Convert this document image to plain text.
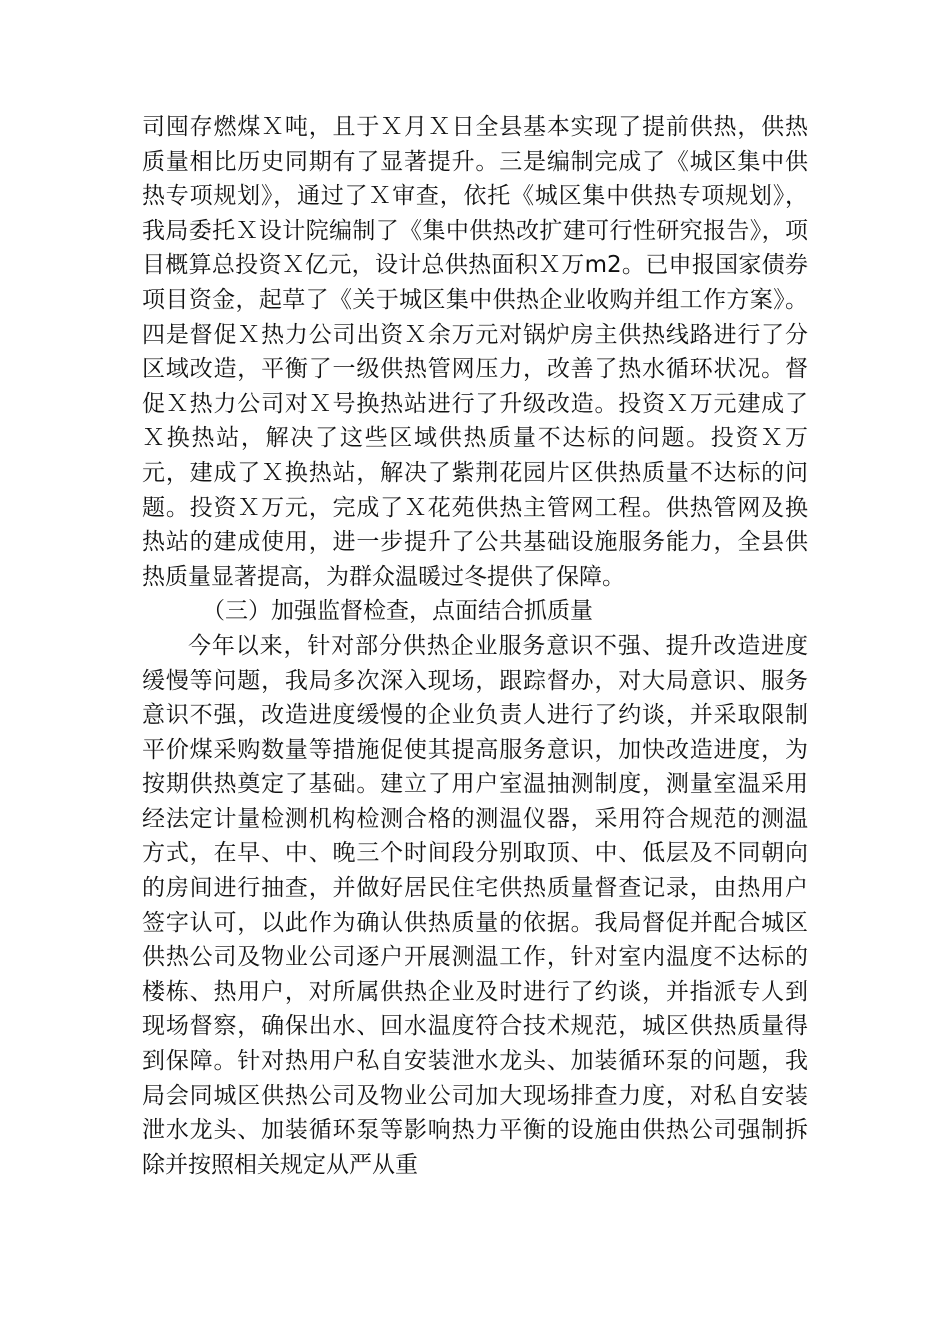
司囤存燃煤Ｘ吨，且于Ｘ月Ｘ日全县基本实现了提前供热，供热质量相比历史同期有了显著提升。三是编制完成了《城区集中供热专项规划》，通过了Ｘ审查，依托《城区集中供热专项规划》，我局委托Ｘ设计院编制了《集中供热改扩建可行性研究报告》，项目概算总投资Ｘ亿元，设计总供热面积Ｘ万m2。已申报国家债券项目资金，起草了《关于城区集中供热企业收购并组工作方案》。四是督促Ｘ热力公司出资Ｘ余万元对锅炉房主供热线路进行了分区域改造，平衡了一级供热管网压力，改善了热水循环状况。督促Ｘ热力公司对Ｘ号换热站进行了升级改造。投资Ｘ万元建成了Ｘ换热站，解决了这些区域供热质量不达标的问题。投资Ｘ万元，建成了Ｘ换热站，解决了紫荆花园片区供热质量不达标的问题。投资Ｘ万元，完成了Ｘ花苑供热主管网工程。供热管网及换热站的建成使用，进一步提升了公共基础设施服务能力，全县供热质量显著提高，为群众温暖过冬提供了保障。

（三）加强监督检查，点面结合抓质量

今年以来，针对部分供热企业服务意识不强、提升改造进度缓慢等问题，我局多次深入现场，跟踪督办，对大局意识、服务意识不强，改造进度缓慢的企业负责人进行了约谈，并采取限制平价煤采购数量等措施促使其提高服务意识，加快改造进度，为按期供热奠定了基础。建立了用户室温抽测制度，测量室温采用经法定计量检测机构检测合格的测温仪器，采用符合规范的测温方式，在早、中、晚三个时间段分别取顶、中、低层及不同朝向的房间进行抽查，并做好居民住宅供热质量督查记录，由热用户签字认可，以此作为确认供热质量的依据。我局督促并配合城区供热公司及物业公司逐户开展测温工作，针对室内温度不达标的楼栋、热用户，对所属供热企业及时进行了约谈，并指派专人到现场督察，确保出水、回水温度符合技术规范，城区供热质量得到保障。针对热用户私自安装泄水龙头、加装循环泵的问题，我局会同城区供热公司及物业公司加大现场排查力度，对私自安装泄水龙头、加装循环泵等影响热力平衡的设施由供热公司强制拆除并按照相关规定从严从重
